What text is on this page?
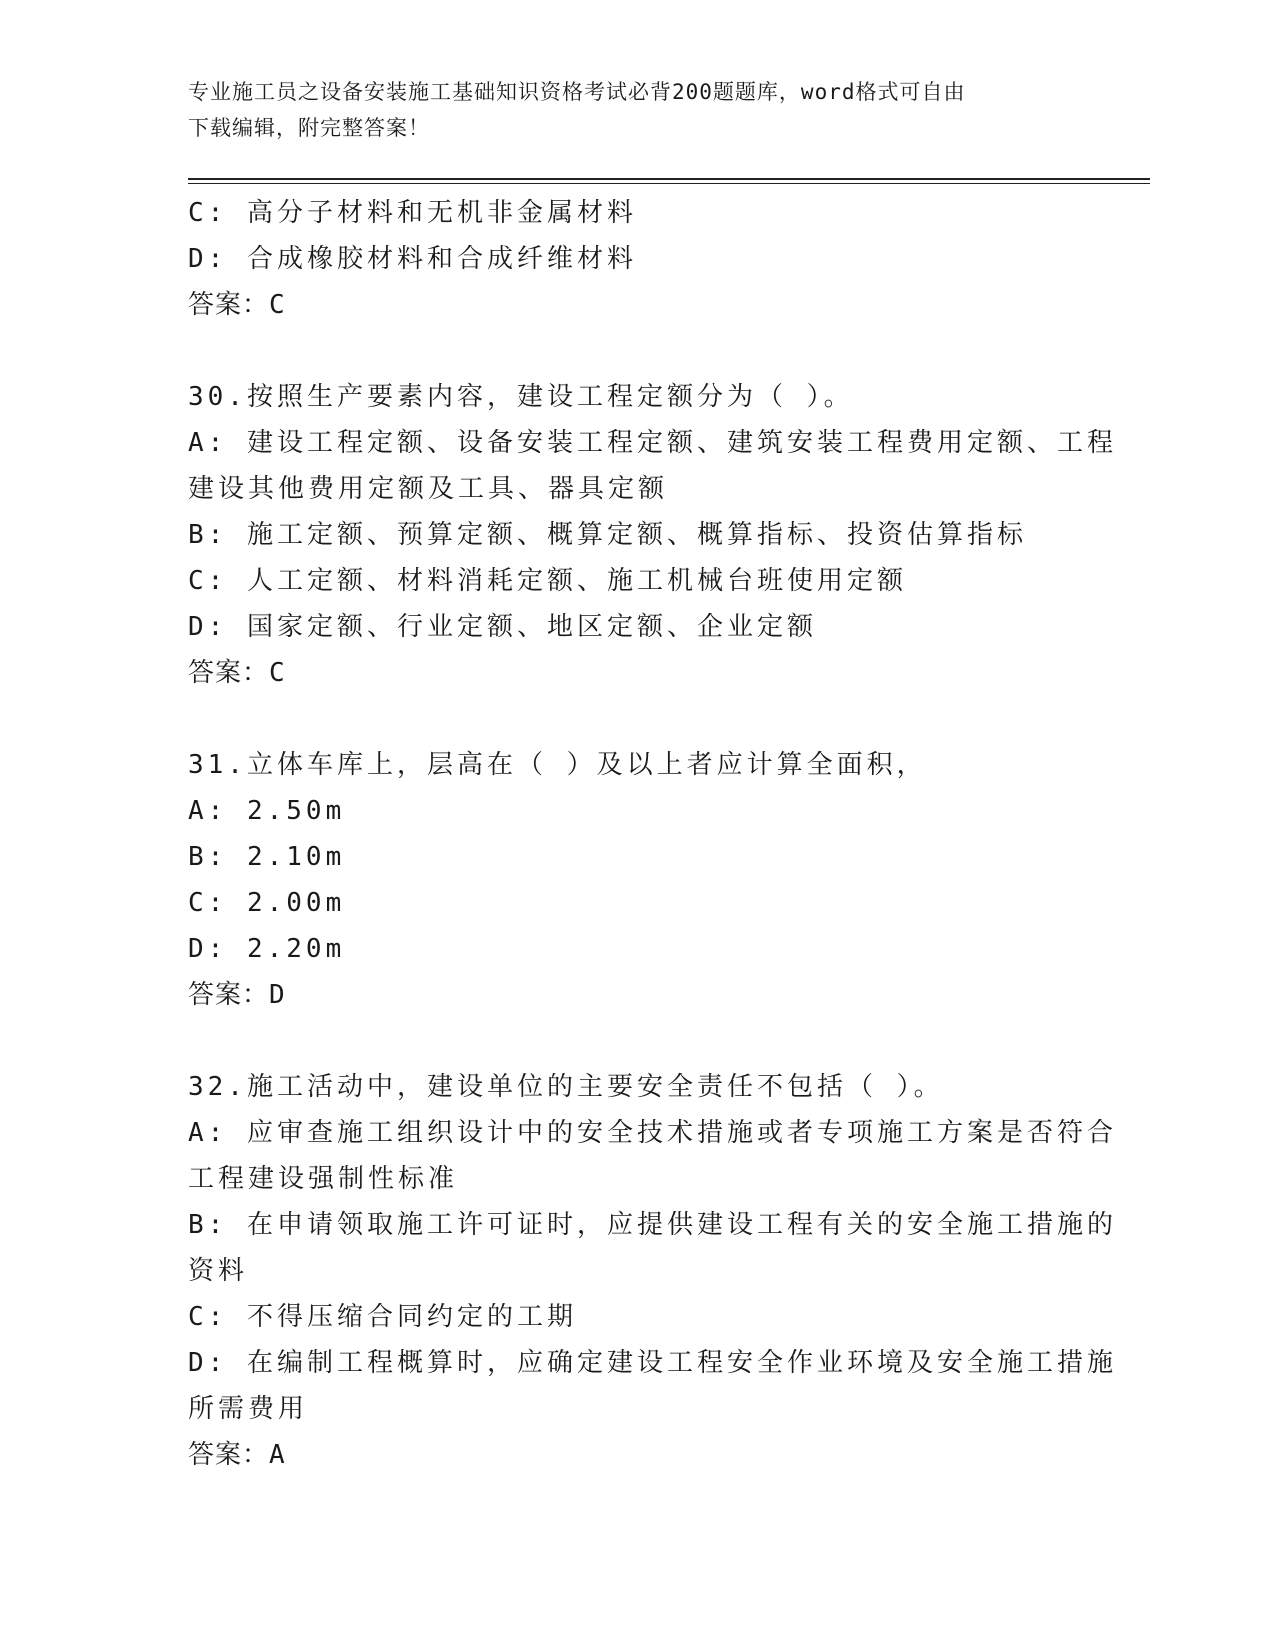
专业施工员之设备安装施工基础知识资格考试必背200题题库，word格式可自由
下载编辑，附完整答案！
C: 高分子材料和无机非金属材料
D: 合成橡胶材料和合成纤维材料
答案：C
30.按照生产要素内容，建设工程定额分为（ ）。
A: 建设工程定额、设备安装工程定额、建筑安装工程费用定额、工程
建设其他费用定额及工具、器具定额
B: 施工定额、预算定额、概算定额、概算指标、投资估算指标
C: 人工定额、材料消耗定额、施工机械台班使用定额
D: 国家定额、行业定额、地区定额、企业定额
答案：C
31.立体车库上，层高在（ ）及以上者应计算全面积，
A: 2.50m
B: 2.10m
C: 2.00m
D: 2.20m
答案：D
32.施工活动中，建设单位的主要安全责任不包括（ ）。
A: 应审查施工组织设计中的安全技术措施或者专项施工方案是否符合
工程建设强制性标准
B: 在申请领取施工许可证时，应提供建设工程有关的安全施工措施的
资料
C: 不得压缩合同约定的工期
D: 在编制工程概算时，应确定建设工程安全作业环境及安全施工措施
所需费用
答案：A
